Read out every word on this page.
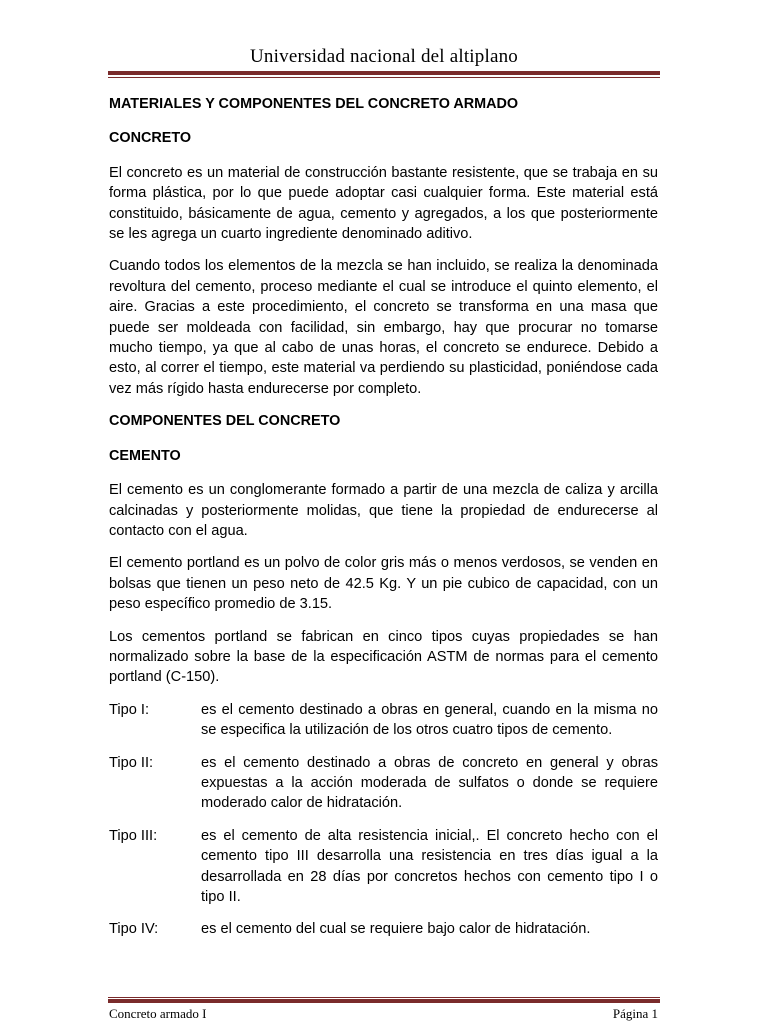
Universidad nacional del altiplano
MATERIALES Y COMPONENTES DEL CONCRETO ARMADO
CONCRETO

El concreto es un material de construcción bastante resistente, que se trabaja en su forma plástica, por lo que puede adoptar casi cualquier forma. Este material está constituido, básicamente de agua, cemento y agregados, a los que posteriormente se les agrega un cuarto ingrediente denominado aditivo.

Cuando todos los elementos de la mezcla se han incluido, se realiza la denominada revoltura del cemento, proceso mediante el cual se introduce el quinto elemento, el aire. Gracias a este procedimiento, el concreto se transforma en una masa que puede ser moldeada con facilidad, sin embargo, hay que procurar no tomarse mucho tiempo, ya que al cabo de unas horas, el concreto se endurece. Debido a esto, al correr el tiempo, este material va perdiendo su plasticidad, poniéndose cada vez más rígido hasta endurecerse por completo.

COMPONENTES DEL CONCRETO
CEMENTO

El cemento es un conglomerante formado a partir de una mezcla de caliza y arcilla calcinadas y posteriormente molidas, que tiene la propiedad de endurecerse al contacto con el agua.

El cemento portland es un polvo de color gris más o menos verdosos, se venden en bolsas que tienen un peso neto de 42.5 Kg. Y un pie cubico de capacidad, con un peso específico promedio de 3.15.

Los cementos portland se fabrican en cinco tipos cuyas propiedades se han normalizado sobre la base de la especificación ASTM de normas para el cemento portland (C-150).

Tipo I:	es el cemento destinado a obras en general, cuando en la misma no se especifica la utilización de los otros cuatro tipos de cemento.
Tipo II:	es el cemento destinado a obras de concreto en general y obras expuestas a la acción moderada de sulfatos o donde se requiere moderado calor de hidratación.
Tipo III:	es el cemento de alta resistencia inicial,. El concreto hecho con el cemento tipo III desarrolla una resistencia en tres días igual a la desarrollada en 28 días por concretos hechos con cemento tipo I o tipo II.
Tipo IV:	es el cemento del cual se requiere bajo calor de hidratación.
Concreto armado I	Página 1
